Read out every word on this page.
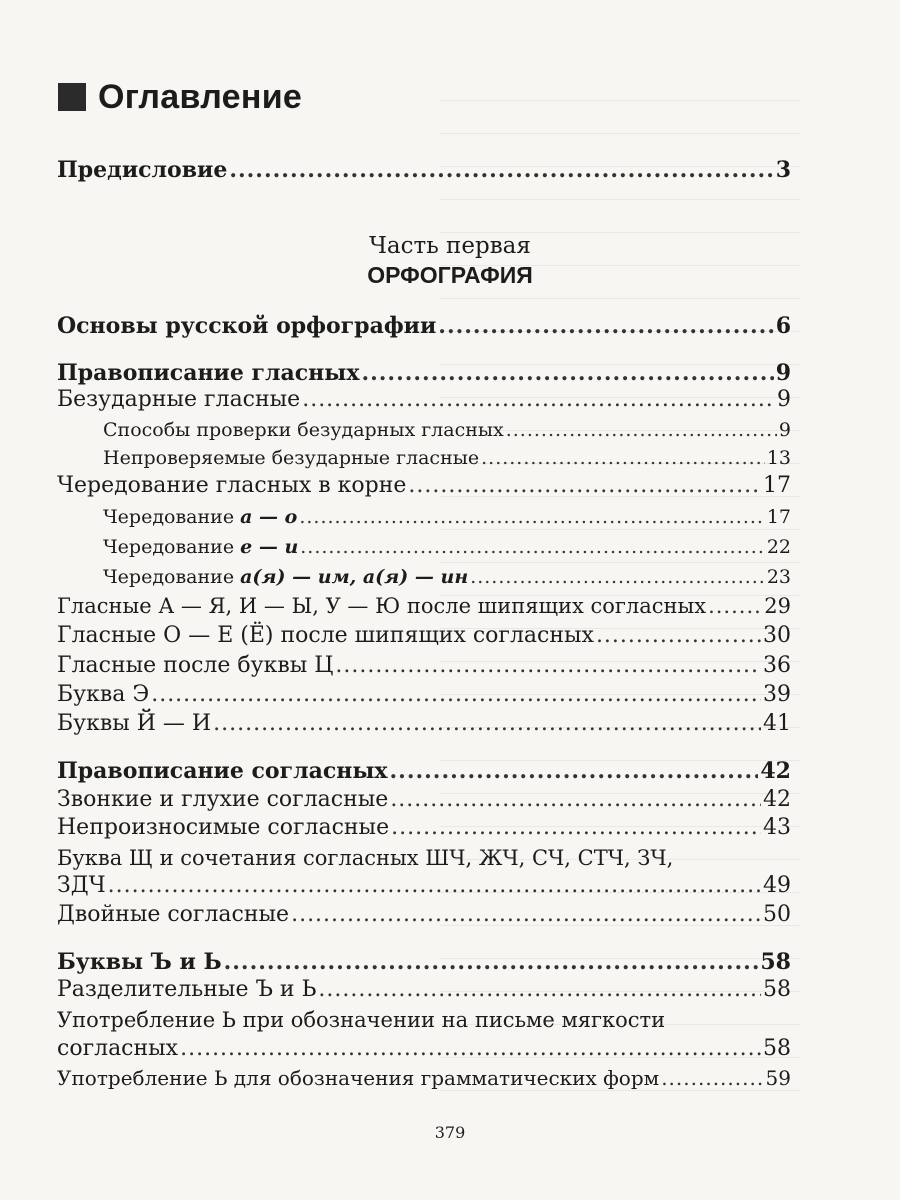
Оглавление
Предисловие .....	3
Часть первая
ОРФОГРАФИЯ
Основы русской орфографии .....	6
Правописание гласных .....	9
Безударные гласные .....	9
Способы проверки безударных гласных .....	9
Непроверяемые безударные гласные .....	13
Чередование гласных в корне .....	17
Чередование а — о .....	17
Чередование е — и .....	22
Чередование а(я) — им, а(я) — ин .....	23
Гласные А — Я, И — Ы, У — Ю после шипящих согласных .....	29
Гласные О — Е (Ё) после шипящих согласных .....	30
Гласные после буквы Ц .....	36
Буква Э .....	39
Буквы Й — И .....	41
Правописание согласных .....	42
Звонкие и глухие согласные .....	42
Непроизносимые согласные .....	43
Буква Щ и сочетания согласных ШЧ, ЖЧ, СЧ, СТЧ, ЗЧ,
ЗДЧ .....	49
Двойные согласные .....	50
Буквы Ъ и Ь .....	58
Разделительные Ъ и Ь .....	58
Употребление Ь при обозначении на письме мягкости
согласных .....	58
Употребление Ь для обозначения грамматических форм .....	59
379
